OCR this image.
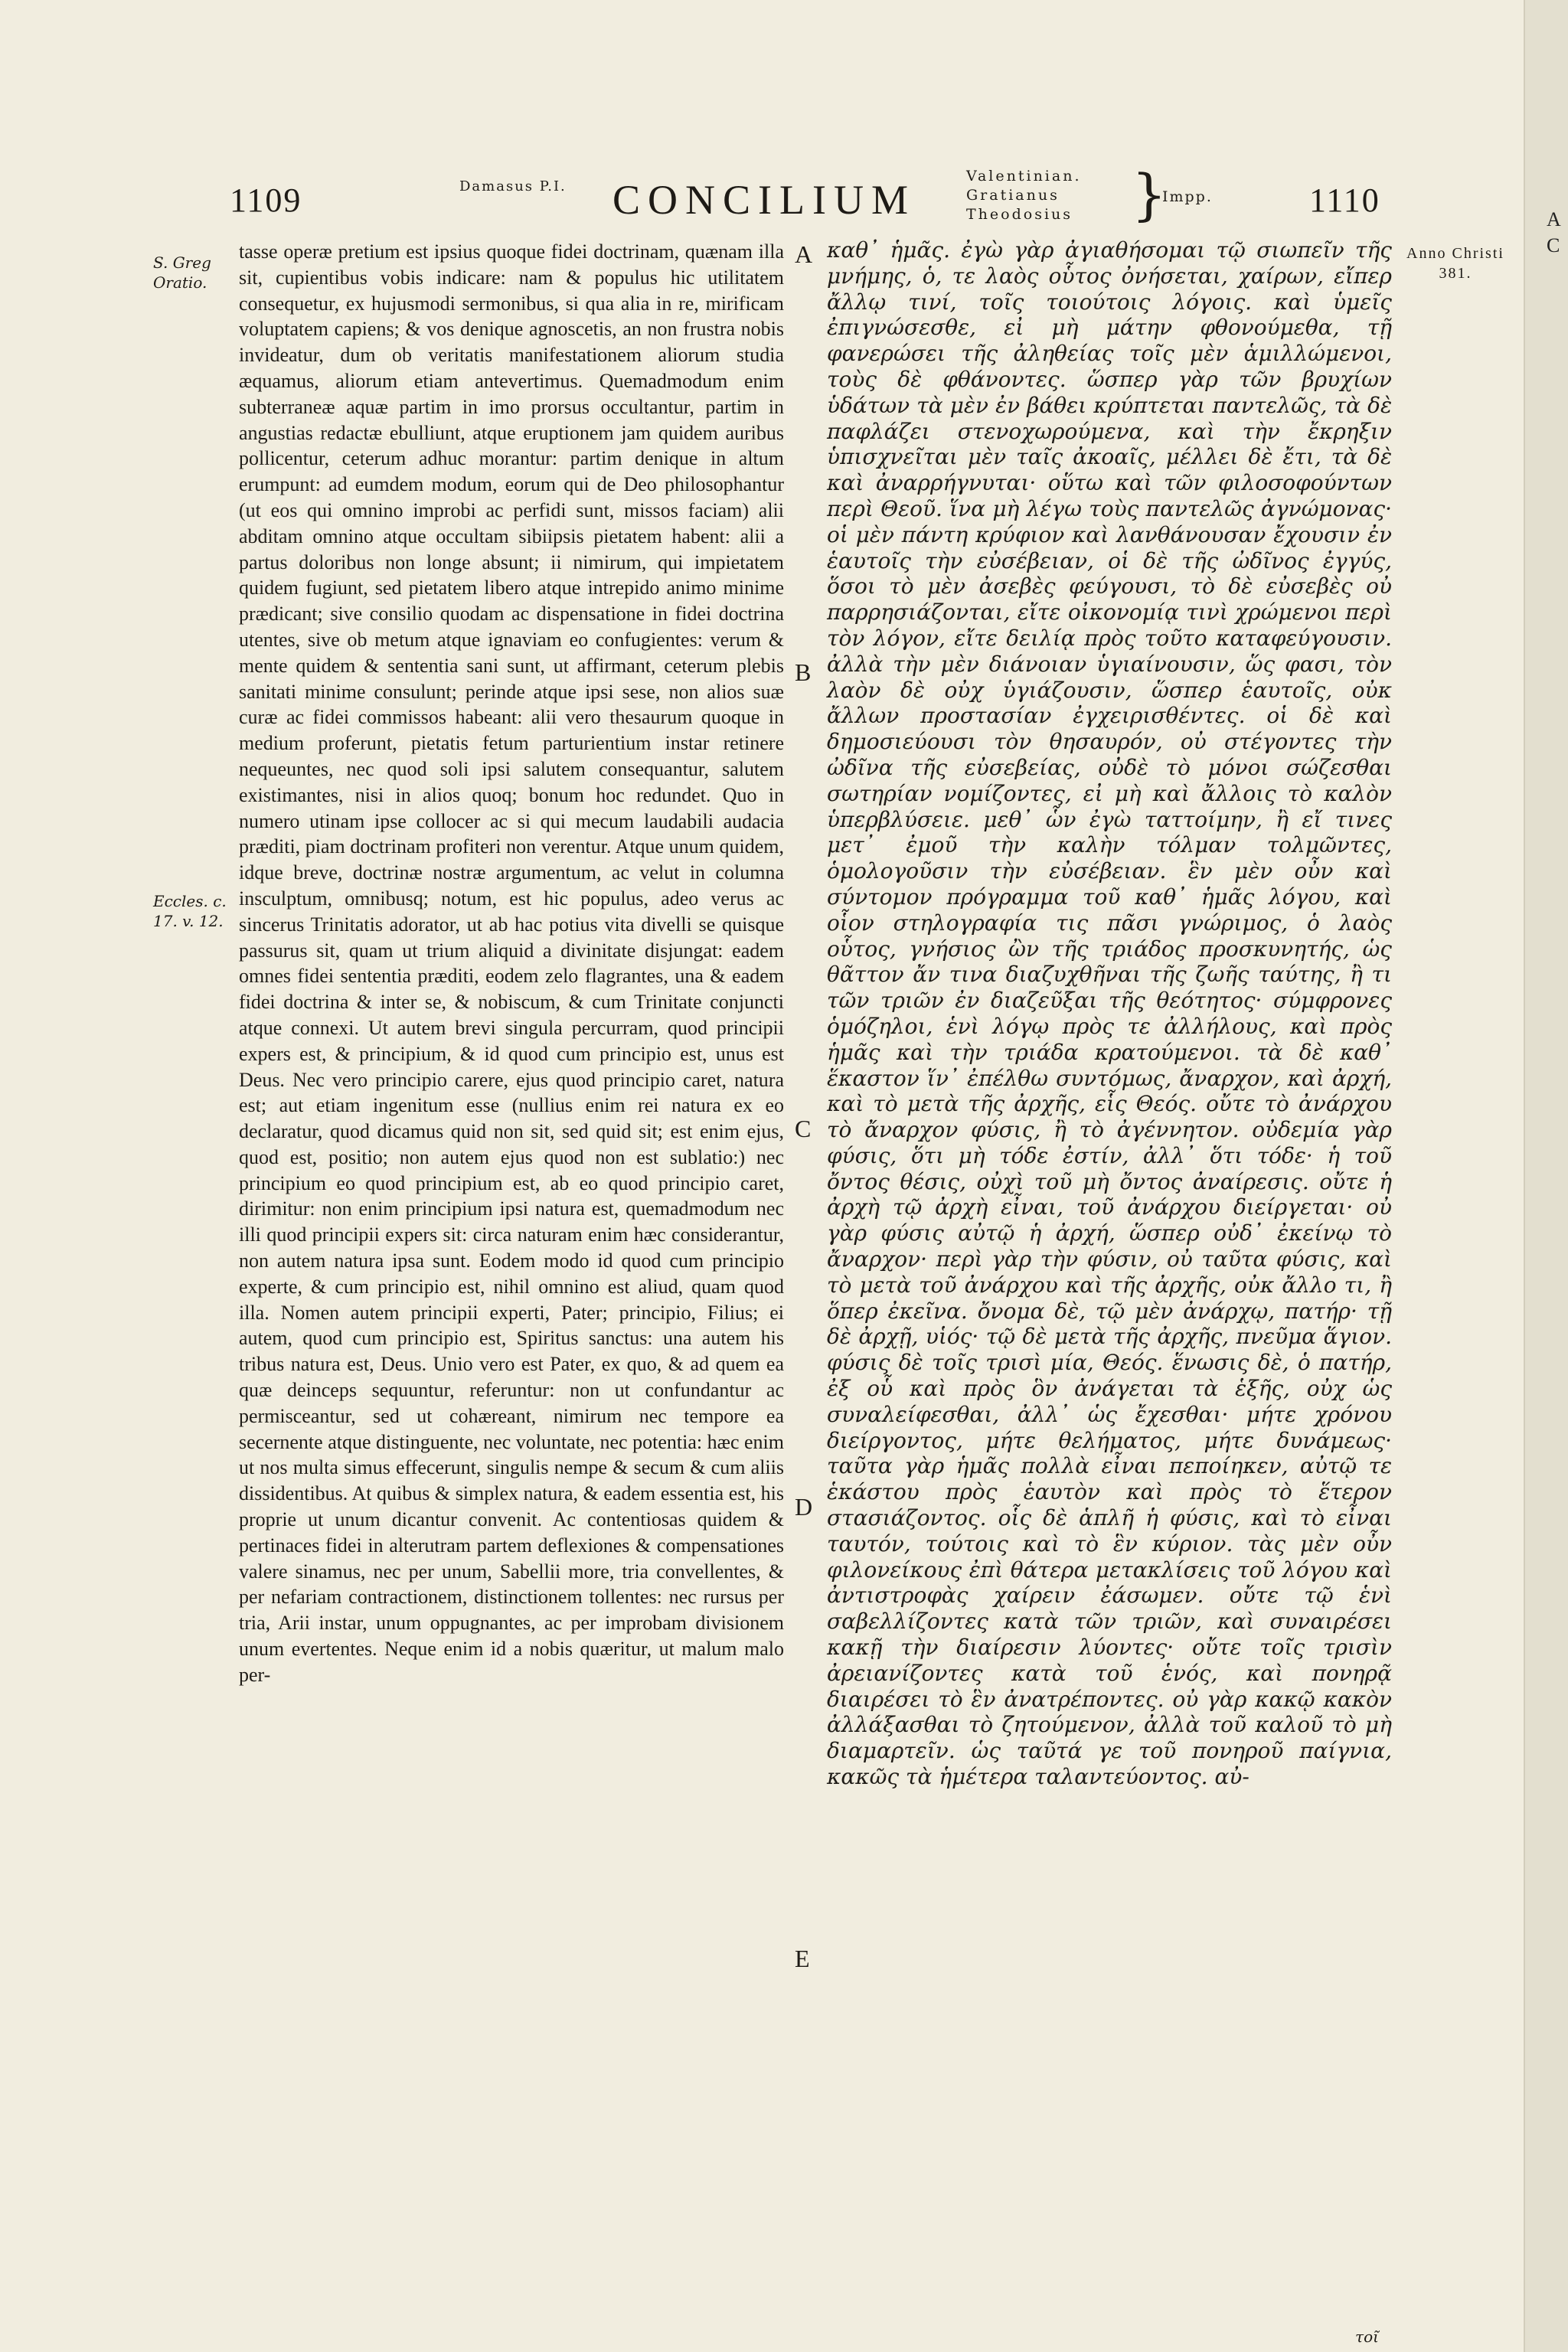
1109	Damasus P.I. CONCILIUM
Valentinian.
Gratianus
Theodosius }
Impp.	1110
S. Greg Oratio.
Eccles. c. 17. v. 12.

tasse operæ pretium est ipsius quoque fidei doctrinam, quænam illa sit, cupientibus vobis indicare: nam & populus hic utilitatem consequetur, ex hujusmodi sermonibus, si qua alia in re, mirificam voluptatem capiens; & vos denique agnoscetis, an non frustra nobis invideatur, dum ob veritatis manifestationem aliorum studia æquamus, aliorum etiam antevertimus. Quemadmodum enim subterraneæ aquæ partim in imo prorsus occultantur, partim in angustias redactæ ebulliunt, atque eruptionem jam quidem auribus pollicentur, ceterum adhuc morantur: partim denique in altum erumpunt: ad eumdem modum, eorum qui de Deo philosophantur (ut eos qui omnino improbi ac perfidi sunt, missos faciam) alii abditam omnino atque occultam sibiipsis pietatem habent: alii a partus doloribus non longe absunt; ii nimirum, qui impietatem quidem fugiunt, sed pietatem libero atque intrepido animo minime prædicant; sive consilio quodam ac dispensatione in fidei doctrina utentes, sive ob metum atque ignaviam eo confugientes: verum & mente quidem & sententia sani sunt, ut affirmant, ceterum plebis sanitati minime consulunt; perinde atque ipsi sese, non alios suæ curæ ac fidei commissos habeant: alii vero thesaurum quoque in medium proferunt, pietatis fetum parturientium instar retinere nequeuntes, nec quod soli ipsi salutem consequantur, salutem existimantes, nisi in alios quoq; bonum hoc redundet. Quo in numero utinam ipse collocer ac si qui mecum laudabili audacia præditi, piam doctrinam profiteri non verentur. Atque unum quidem, idque breve, doctrinæ nostræ argumentum, ac velut in columna insculptum, omnibusq; notum, est hic populus, adeo verus ac sincerus Trinitatis adorator, ut ab hac potius vita divelli se quisque passurus sit, quam ut trium aliquid a divinitate disjungat: eadem omnes fidei sententia præditi, eodem zelo flagrantes, una & eadem fidei doctrina & inter se, & nobiscum, & cum Trinitate conjuncti atque connexi. Ut autem brevi singula percurram, quod principii expers est, & principium, & id quod cum principio est, unus est Deus. Nec vero principio carere, ejus quod principio caret, natura est; aut etiam ingenitum esse (nullius enim rei natura ex eo declaratur, quod dicamus quid non sit, sed quid sit; est enim ejus, quod est, positio; non autem ejus quod non est sublatio:) nec principium eo quod principium est, ab eo quod principio caret, dirimitur: non enim principium ipsi natura est, quemadmodum nec illi quod principii expers sit: circa naturam enim hæc considerantur, non autem natura ipsa sunt. Eodem modo id quod cum principio experte, & cum principio est, nihil omnino est aliud, quam quod illa. Nomen autem principii experti, Pater; principio, Filius; ei autem, quod cum principio est, Spiritus sanctus: una autem his tribus natura est, Deus. Unio vero est Pater, ex quo, & ad quem ea quæ deinceps sequuntur, referuntur: non ut confundantur ac permisceantur, sed ut cohæreant, nimirum nec tempore ea secernente atque distinguente, nec voluntate, nec potentia: hæc enim ut nos multa simus effecerunt, singulis nempe & secum & cum aliis dissidentibus. At quibus & simplex natura, & eadem essentia est, his proprie ut unum dicantur convenit. Ac contentiosas quidem & pertinaces fidei in alterutram partem deflexiones & compensationes valere sinamus, nec per unum, Sabellii more, tria convellentes, & per nefariam contractionem, distinctionem tollentes: nec rursus per tria, Arii instar, unum oppugnantes, ac per improbam divisionem unum evertentes. Neque enim id a nobis quæritur, ut malum malo per-

A
B
C
D
E

καθ᾽ ἡμᾶς. ἐγὼ γὰρ ἀγιαθήσομαι τῷ σιωπεῖν τῆς μνήμης, ὁ, τε λαὸς οὗτος ὀνήσεται, χαίρων, εἴπερ ἄλλῳ τινί, τοῖς τοιούτοις λόγοις. καὶ ὑμεῖς ἐπιγνώσεσθε, εἰ μὴ μάτην φθονούμεθα, τῇ φανερώσει τῆς ἀληθείας τοῖς μὲν ἁμιλλώμενοι, τοὺς δὲ φθάνοντες. ὥσπερ γὰρ τῶν βρυχίων ὑδάτων τὰ μὲν ἐν βάθει κρύπτεται παντελῶς, τὰ δὲ παφλάζει στενοχωρούμενα, καὶ τὴν ἔκρηξιν ὑπισχνεῖται μὲν ταῖς ἀκοαῖς, μέλλει δὲ ἔτι, τὰ δὲ καὶ ἀναρρήγνυται· οὕτω καὶ τῶν φιλοσοφούντων περὶ Θεοῦ. ἵνα μὴ λέγω τοὺς παντελῶς ἀγνώμονας· οἱ μὲν πάντη κρύφιον καὶ λανθάνουσαν ἔχουσιν ἐν ἑαυτοῖς τὴν εὐσέβειαν, οἱ δὲ τῆς ὠδῖνος ἐγγύς, ὅσοι τὸ μὲν ἀσεβὲς φεύγουσι, τὸ δὲ εὐσεβὲς οὐ παρρησιάζονται, εἴτε οἰκονομίᾳ τινὶ χρώμενοι περὶ τὸν λόγον, εἴτε δειλίᾳ πρὸς τοῦτο καταφεύγουσιν. ἀλλὰ τὴν μὲν διάνοιαν ὑγιαίνουσιν, ὥς φασι, τὸν λαὸν δὲ οὐχ ὑγιάζουσιν, ὥσπερ ἑαυτοῖς, οὐκ ἄλλων προστασίαν ἐγχειρισθέντες. οἱ δὲ καὶ δημοσιεύουσι τὸν θησαυρόν, οὐ στέγοντες τὴν ὠδῖνα τῆς εὐσεβείας, οὐδὲ τὸ μόνοι σώζεσθαι σωτηρίαν νομίζοντες, εἰ μὴ καὶ ἄλλοις τὸ καλὸν ὑπερβλύσειε. μεθ᾽ ὧν ἐγὼ ταττοίμην, ἢ εἴ τινες μετ᾽ ἐμοῦ τὴν καλὴν τόλμαν τολμῶντες, ὁμολογοῦσιν τὴν εὐσέβειαν. ἓν μὲν οὖν καὶ σύντομον πρόγραμμα τοῦ καθ᾽ ἡμᾶς λόγου, καὶ οἷον στηλογραφία τις πᾶσι γνώριμος, ὁ λαὸς οὗτος, γνήσιος ὢν τῆς τριάδος προσκυνητής, ὡς θᾶττον ἄν τινα διαζυχθῆναι τῆς ζωῆς ταύτης, ἢ τι τῶν τριῶν ἐν διαζεῦξαι τῆς θεότητος· σύμφρονες ὁμόζηλοι, ἑνὶ λόγῳ πρὸς τε ἀλλήλους, καὶ πρὸς ἡμᾶς καὶ τὴν τριάδα κρατούμενοι. τὰ δὲ καθ᾽ ἕκαστον ἵν᾽ ἐπέλθω συντόμως, ἄναρχον, καὶ ἀρχή, καὶ τὸ μετὰ τῆς ἀρχῆς, εἷς Θεός. οὔτε τὸ ἀνάρχου τὸ ἄναρχον φύσις, ἢ τὸ ἀγέννητον. οὐδεμία γὰρ φύσις, ὅτι μὴ τόδε ἐστίν, ἀλλ᾽ ὅτι τόδε· ἡ τοῦ ὄντος θέσις, οὐχὶ τοῦ μὴ ὄντος ἀναίρεσις. οὔτε ἡ ἀρχὴ τῷ ἀρχὴ εἶναι, τοῦ ἀνάρχου διείργεται· οὐ γὰρ φύσις αὐτῷ ἡ ἀρχή, ὥσπερ οὐδ᾽ ἐκείνῳ τὸ ἄναρχον· περὶ γὰρ τὴν φύσιν, οὐ ταῦτα φύσις, καὶ τὸ μετὰ τοῦ ἀνάρχου καὶ τῆς ἀρχῆς, οὐκ ἄλλο τι, ἢ ὅπερ ἐκεῖνα. ὄνομα δὲ, τῷ μὲν ἀνάρχῳ, πατήρ· τῇ δὲ ἀρχῇ, υἱός· τῷ δὲ μετὰ τῆς ἀρχῆς, πνεῦμα ἅγιον. φύσις δὲ τοῖς τρισὶ μία, Θεός. ἕνωσις δὲ, ὁ πατήρ, ἐξ οὗ καὶ πρὸς ὃν ἀνάγεται τὰ ἑξῆς, οὐχ ὡς συναλείφεσθαι, ἀλλ᾽ ὡς ἔχεσθαι· μήτε χρόνου διείργοντος, μήτε θελήματος, μήτε δυνάμεως· ταῦτα γὰρ ἡμᾶς πολλὰ εἶναι πεποίηκεν, αὐτῷ τε ἑκάστου πρὸς ἑαυτὸν καὶ πρὸς τὸ ἕτερον στασιάζοντος. οἷς δὲ ἁπλῆ ἡ φύσις, καὶ τὸ εἶναι ταυτόν, τούτοις καὶ τὸ ἓν κύριον. τὰς μὲν οὖν φιλονείκους ἐπὶ θάτερα μετακλίσεις τοῦ λόγου καὶ ἀντιστροφὰς χαίρειν ἐάσωμεν. οὔτε τῷ ἑνὶ σαβελλίζοντες κατὰ τῶν τριῶν, καὶ συναιρέσει κακῇ τὴν διαίρεσιν λύοντες· οὔτε τοῖς τρισὶν ἀρειανίζοντες κατὰ τοῦ ἑνός, καὶ πονηρᾷ διαιρέσει τὸ ἓν ἀνατρέποντες. οὐ γὰρ κακῷ κακὸν ἀλλάξασθαι τὸ ζητούμενον, ἀλλὰ τοῦ καλοῦ τὸ μὴ διαμαρτεῖν. ὡς ταῦτά γε τοῦ πονηροῦ παίγνια, κακῶς τὰ ἡμέτερα ταλαντεύοντος. αὐ-

τοῖ
Anno Christi
381.
A C
